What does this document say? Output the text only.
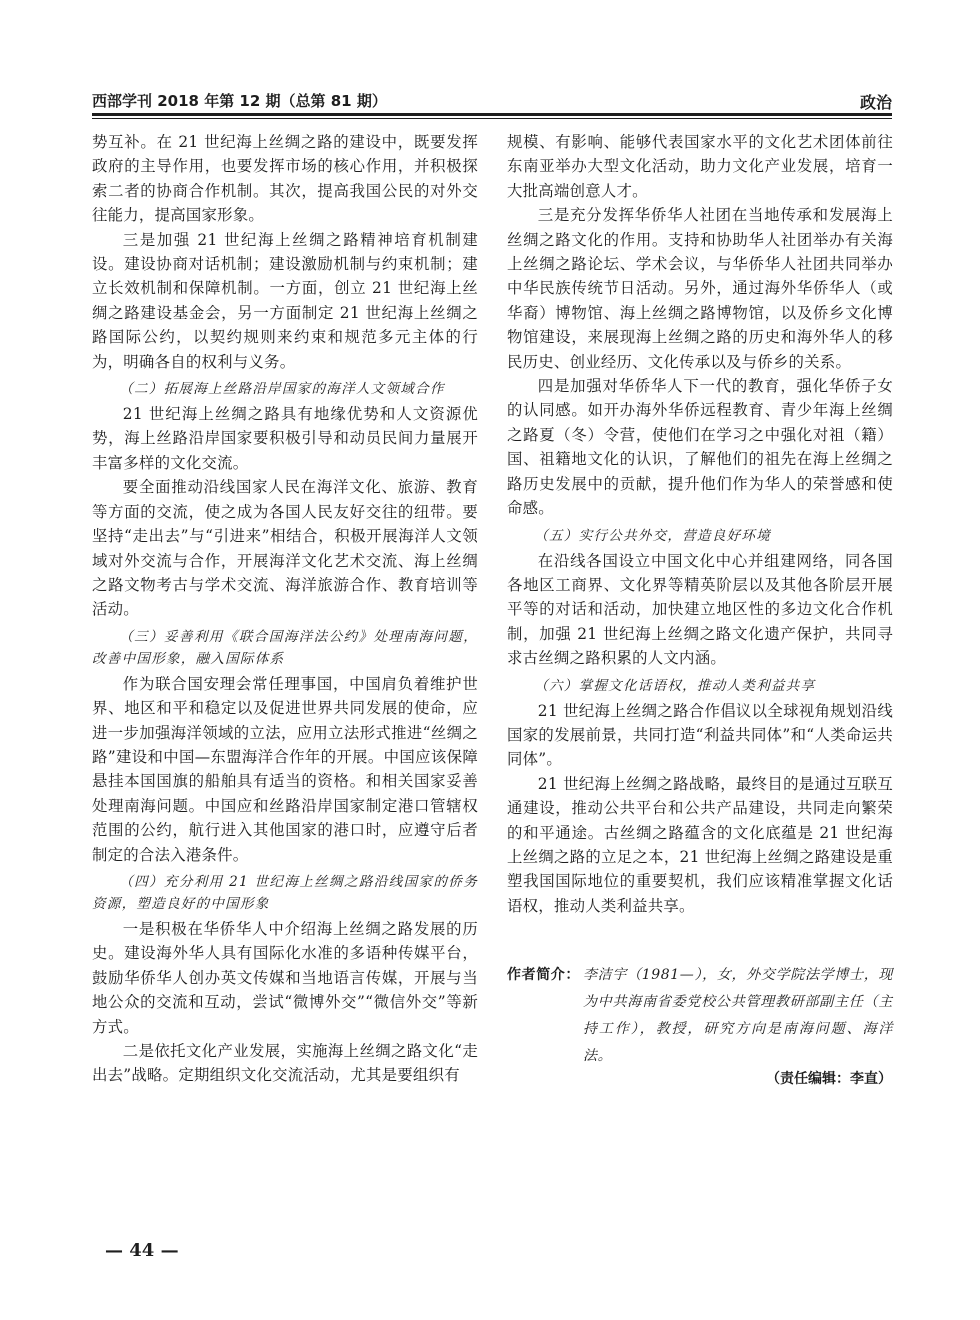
西部学刊 2018 年第 12 期（总第 81 期）	政治

势互补。在 21 世纪海上丝绸之路的建设中，既要发挥政府的主导作用，也要发挥市场的核心作用，并积极探索二者的协商合作机制。其次，提高我国公民的对外交往能力，提高国家形象。

三是加强 21 世纪海上丝绸之路精神培育机制建设。建设协商对话机制；建设激励机制与约束机制；建立长效机制和保障机制。一方面，创立 21 世纪海上丝绸之路建设基金会，另一方面制定 21 世纪海上丝绸之路国际公约，以契约规则来约束和规范多元主体的行为，明确各自的权利与义务。

（二）拓展海上丝路沿岸国家的海洋人文领域合作

21 世纪海上丝绸之路具有地缘优势和人文资源优势，海上丝路沿岸国家要积极引导和动员民间力量展开丰富多样的文化交流。

要全面推动沿线国家人民在海洋文化、旅游、教育等方面的交流，使之成为各国人民友好交往的纽带。要坚持“走出去”与“引进来”相结合，积极开展海洋人文领域对外交流与合作，开展海洋文化艺术交流、海上丝绸之路文物考古与学术交流、海洋旅游合作、教育培训等活动。

（三）妥善利用《联合国海洋法公约》处理南海问题，改善中国形象，融入国际体系

作为联合国安理会常任理事国，中国肩负着维护世界、地区和平和稳定以及促进世界共同发展的使命，应进一步加强海洋领域的立法，应用立法形式推进“丝绸之路”建设和中国—东盟海洋合作年的开展。中国应该保障悬挂本国国旗的船舶具有适当的资格。和相关国家妥善处理南海问题。中国应和丝路沿岸国家制定港口管辖权范围的公约，航行进入其他国家的港口时，应遵守后者制定的合法入港条件。

（四）充分利用 21 世纪海上丝绸之路沿线国家的侨务资源，塑造良好的中国形象

一是积极在华侨华人中介绍海上丝绸之路发展的历史。建设海外华人具有国际化水准的多语种传媒平台，鼓励华侨华人创办英文传媒和当地语言传媒，开展与当地公众的交流和互动，尝试“微博外交”“微信外交”等新方式。

二是依托文化产业发展，实施海上丝绸之路文化“走出去”战略。定期组织文化交流活动，尤其是要组织有

规模、有影响、能够代表国家水平的文化艺术团体前往东南亚举办大型文化活动，助力文化产业发展，培育一大批高端创意人才。

三是充分发挥华侨华人社团在当地传承和发展海上丝绸之路文化的作用。支持和协助华人社团举办有关海上丝绸之路论坛、学术会议，与华侨华人社团共同举办中华民族传统节日活动。另外，通过海外华侨华人（或华裔）博物馆、海上丝绸之路博物馆，以及侨乡文化博物馆建设，来展现海上丝绸之路的历史和海外华人的移民历史、创业经历、文化传承以及与侨乡的关系。

四是加强对华侨华人下一代的教育，强化华侨子女的认同感。如开办海外华侨远程教育、青少年海上丝绸之路夏（冬）令营，使他们在学习之中强化对祖（籍）国、祖籍地文化的认识，了解他们的祖先在海上丝绸之路历史发展中的贡献，提升他们作为华人的荣誉感和使命感。

（五）实行公共外交，营造良好环境

在沿线各国设立中国文化中心并组建网络，同各国各地区工商界、文化界等精英阶层以及其他各阶层开展平等的对话和活动，加快建立地区性的多边文化合作机制，加强 21 世纪海上丝绸之路文化遗产保护，共同寻求古丝绸之路积累的人文内涵。

（六）掌握文化话语权，推动人类利益共享

21 世纪海上丝绸之路合作倡议以全球视角规划沿线国家的发展前景，共同打造“利益共同体”和“人类命运共同体”。

21 世纪海上丝绸之路战略，最终目的是通过互联互通建设，推动公共平台和公共产品建设，共同走向繁荣的和平通途。古丝绸之路蕴含的文化底蕴是 21 世纪海上丝绸之路的立足之本，21 世纪海上丝绸之路建设是重塑我国国际地位的重要契机，我们应该精准掌握文化话语权，推动人类利益共享。

作者简介： 李洁宇（1981—），女，外交学院法学博士，现为中共海南省委党校公共管理教研部副主任（主持工作），教授，研究方向是南海问题、海洋法。
（责任编辑：李直）
— 44 —
